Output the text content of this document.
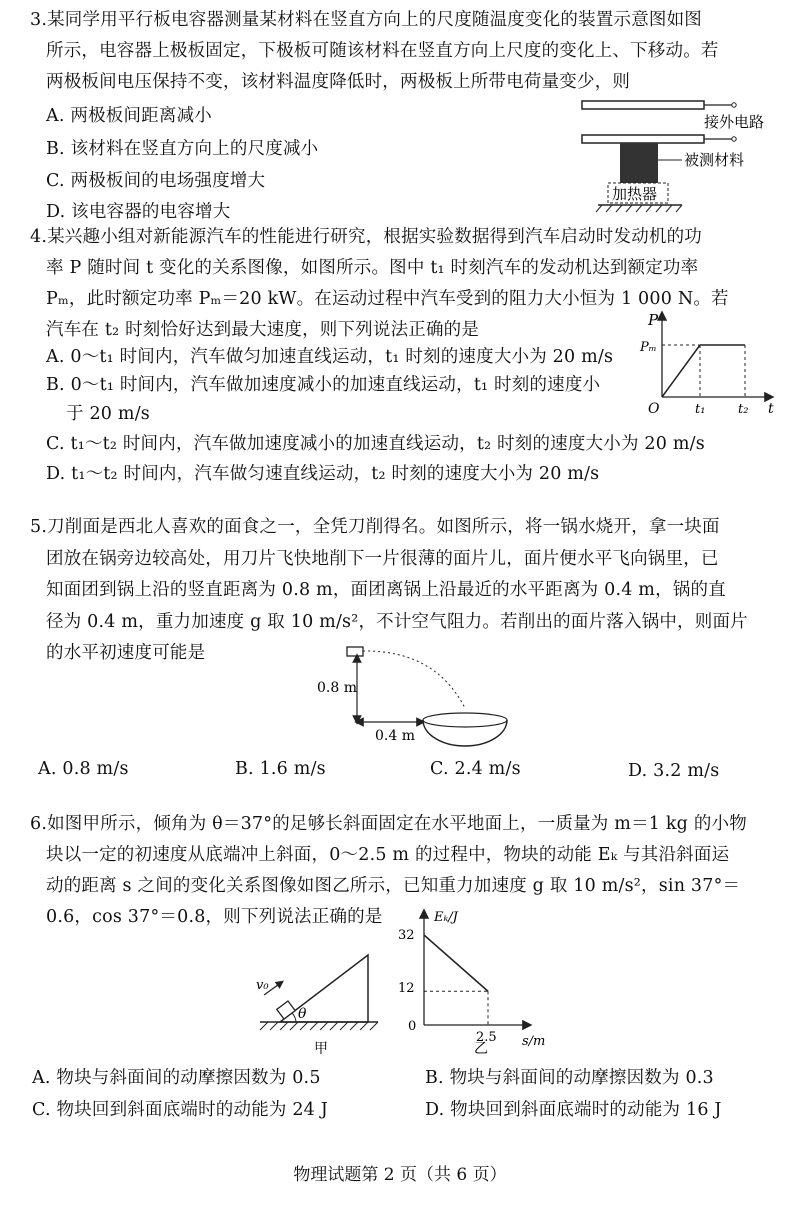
3.某同学用平行板电容器测量某材料在竖直方向上的尺度随温度变化的装置示意图如图
所示，电容器上极板固定，下极板可随该材料在竖直方向上尺度的变化上、下移动。若
两极板间电压保持不变，该材料温度降低时，两极板上所带电荷量变少，则
A. 两极板间距离减小
B. 该材料在竖直方向上的尺度减小
C. 两极板间的电场强度增大
D. 该电容器的电容增大
接外电路
被测材料
加热器
4.某兴趣小组对新能源汽车的性能进行研究，根据实验数据得到汽车启动时发动机的功
率 P 随时间 t 变化的关系图像，如图所示。图中 t₁ 时刻汽车的发动机达到额定功率
Pₘ，此时额定功率 Pₘ＝20 kW。在运动过程中汽车受到的阻力大小恒为 1 000 N。若
汽车在 t₂ 时刻恰好达到最大速度，则下列说法正确的是
A. 0～t₁ 时间内，汽车做匀加速直线运动，t₁ 时刻的速度大小为 20 m/s
B. 0～t₁ 时间内，汽车做加速度减小的加速直线运动，t₁ 时刻的速度小
于 20 m/s
C. t₁～t₂ 时间内，汽车做加速度减小的加速直线运动，t₂ 时刻的速度大小为 20 m/s
D. t₁～t₂ 时间内，汽车做匀速直线运动，t₂ 时刻的速度大小为 20 m/s
P
Pₘ
O	t₁	t₂ t
5.刀削面是西北人喜欢的面食之一，全凭刀削得名。如图所示，将一锅水烧开，拿一块面
团放在锅旁边较高处，用刀片飞快地削下一片很薄的面片儿，面片便水平飞向锅里，已
知面团到锅上沿的竖直距离为 0.8 m，面团离锅上沿最近的水平距离为 0.4 m，锅的直
径为 0.4 m，重力加速度 g 取 10 m/s²，不计空气阻力。若削出的面片落入锅中，则面片
的水平初速度可能是
0.8 m
0.4 m
A. 0.8 m/s	B. 1.6 m/s	C. 2.4 m/s	D. 3.2 m/s
6.如图甲所示，倾角为 θ＝37°的足够长斜面固定在水平地面上，一质量为 m＝1 kg 的小物
块以一定的初速度从底端冲上斜面，0～2.5 m 的过程中，物块的动能 Eₖ 与其沿斜面运
动的距离 s 之间的变化关系图像如图乙所示，已知重力加速度 g 取 10 m/s²，sin 37°＝
0.6，cos 37°＝0.8，则下列说法正确的是
v₀
θ
甲
Eₖ/J
32
12
0
2.5 s/m
乙
A. 物块与斜面间的动摩擦因数为 0.5	B. 物块与斜面间的动摩擦因数为 0.3
C. 物块回到斜面底端时的动能为 24 J	D. 物块回到斜面底端时的动能为 16 J
物理试题第 2 页（共 6 页）
